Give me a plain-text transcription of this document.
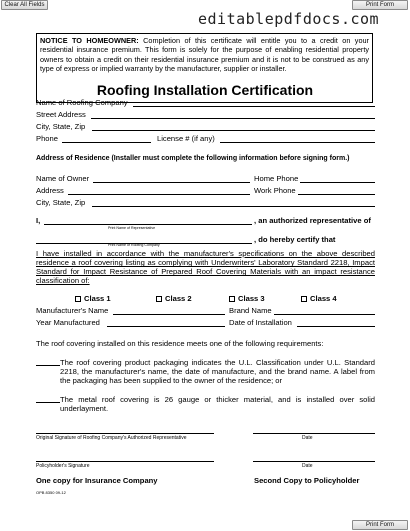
Clear All Fields	Print Form
editablepdfdocs.com
NOTICE TO HOMEOWNER: Completion of this certificate will entitle you to a credit on your residential insurance premium. This form is solely for the purpose of enabling residential property owners to obtain a credit on their residential insurance premium and it is not to be construed as any type of express or implied warranty by the manufacturer, supplier or installer.
Roofing Installation Certification
Name of Roofing Company
Street Address
City, State, Zip
Phone	License # (if any)
Address of Residence (Installer must complete the following information before signing form.)
Name of Owner	Home Phone
Address	Work Phone
City, State, Zip
I,	, an authorized representative of
Print Name of Representative
, do hereby certify that
Print Name of Roofing Company
I have installed in accordance with the manufacturer's specifications on the above described residence a roof covering listing as complying with Underwriters' Laboratory Standard 2218, Impact Standard for Impact Resistance of Prepared Roof Covering Materials with an impact resistance classification of:
Class 1	Class 2	Class 3	Class 4
Manufacturer's Name	Brand Name
Year Manufactured	Date of Installation
The roof covering installed on this residence meets one of the following requirements:
The roof covering product packaging indicates the U.L. Classification under U.L. Standard 2218, the manufacturer's name, the date of manufacture, and the brand name. A label from the packaging has been supplied to the owner of the residence; or
The metal roof covering is 26 gauge or thicker material, and is installed over solid underlayment.
Original Signature of Roofing Company's Authorized Representative	Date
Policyholder's Signature	Date
One copy for Insurance Company	Second Copy to Policyholder
OPB 8350 09-12
Print Form
